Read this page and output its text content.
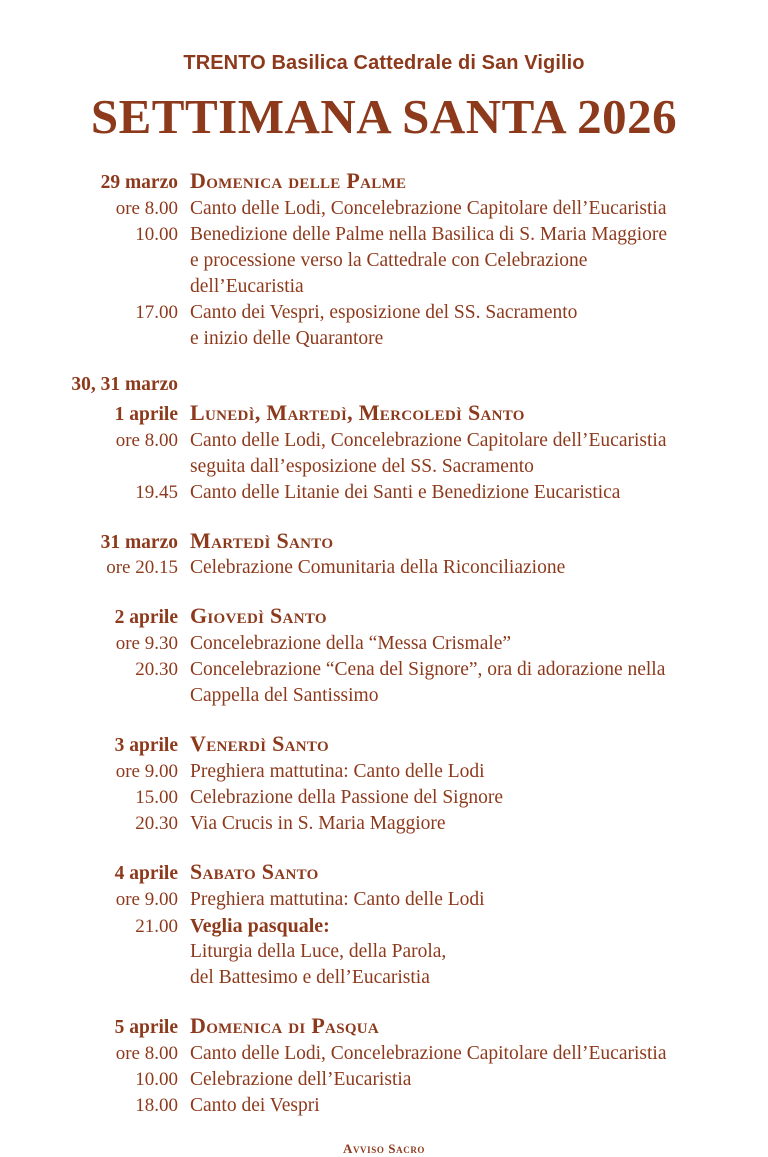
TRENTO Basilica Cattedrale di San Vigilio
SETTIMANA SANTA 2026
29 marzo Domenica delle Palme
ore 8.00 Canto delle Lodi, Concelebrazione Capitolare dell’Eucaristia
10.00 Benedizione delle Palme nella Basilica di S. Maria Maggiore
e processione verso la Cattedrale con Celebrazione
dell’Eucaristia
17.00 Canto dei Vespri, esposizione del SS. Sacramento
e inizio delle Quarantore
30, 31 marzo
1 aprile Lunedì, Martedì, Mercoledì Santo
ore 8.00 Canto delle Lodi, Concelebrazione Capitolare dell’Eucaristia
seguita dall’esposizione del SS. Sacramento
19.45 Canto delle Litanie dei Santi e Benedizione Eucaristica
31 marzo Martedì Santo
ore 20.15 Celebrazione Comunitaria della Riconciliazione
2 aprile Giovedì Santo
ore 9.30 Concelebrazione della “Messa Crismale”
20.30 Concelebrazione “Cena del Signore”, ora di adorazione nella
Cappella del Santissimo
3 aprile Venerdì Santo
ore 9.00 Preghiera mattutina: Canto delle Lodi
15.00 Celebrazione della Passione del Signore
20.30 Via Crucis in S. Maria Maggiore
4 aprile Sabato Santo
ore 9.00 Preghiera mattutina: Canto delle Lodi
21.00 Veglia pasquale:
Liturgia della Luce, della Parola,
del Battesimo e dell’Eucaristia
5 aprile Domenica di Pasqua
ore 8.00 Canto delle Lodi, Concelebrazione Capitolare dell’Eucaristia
10.00 Celebrazione dell’Eucaristia
18.00 Canto dei Vespri
Avviso Sacro
